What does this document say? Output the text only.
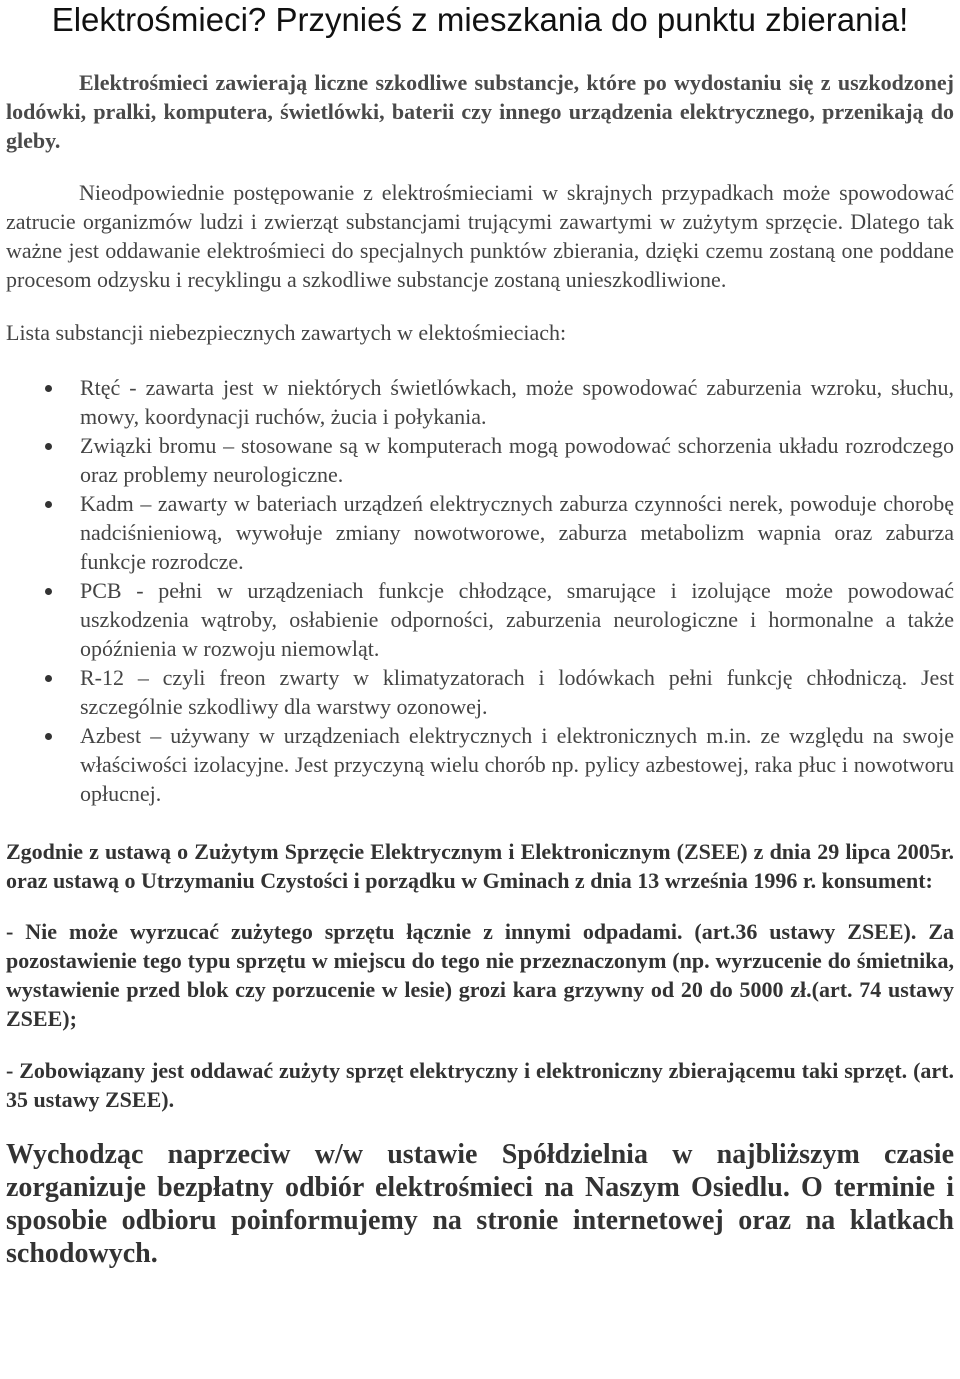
Elektrośmieci? Przynieś z mieszkania do punktu zbierania!

Elektrośmieci zawierają liczne szkodliwe substancje, które po wydostaniu się z uszkodzonej lodówki, pralki, komputera, świetlówki, baterii czy innego urządzenia elektrycznego, przenikają do gleby.

Nieodpowiednie postępowanie z elektrośmieciami w skrajnych przypadkach może spowodować zatrucie organizmów ludzi i zwierząt substancjami trującymi zawartymi w zużytym sprzęcie. Dlatego tak ważne jest oddawanie elektrośmieci do specjalnych punktów zbierania, dzięki czemu zostaną one poddane procesom odzysku i recyklingu a szkodliwe substancje zostaną unieszkodliwione.

Lista substancji niebezpiecznych zawartych w elektośmieciach:

Rtęć - zawarta jest w niektórych świetlówkach, może spowodować zaburzenia wzroku, słuchu, mowy, koordynacji ruchów, żucia i połykania.
Związki bromu – stosowane są w komputerach mogą powodować schorzenia układu rozrodczego oraz problemy neurologiczne.
Kadm – zawarty w bateriach urządzeń elektrycznych zaburza czynności nerek, powoduje chorobę nadciśnieniową, wywołuje zmiany nowotworowe, zaburza metabolizm wapnia oraz zaburza funkcje rozrodcze.
PCB - pełni w urządzeniach funkcje chłodzące, smarujące i izolujące może powodować uszkodzenia wątroby, osłabienie odporności, zaburzenia neurologiczne i hormonalne a także opóźnienia w rozwoju niemowląt.
R-12 – czyli freon zwarty w klimatyzatorach i lodówkach pełni funkcję chłodniczą. Jest szczególnie szkodliwy dla warstwy ozonowej.
Azbest – używany w urządzeniach elektrycznych i elektronicznych m.in. ze względu na swoje właściwości izolacyjne. Jest przyczyną wielu chorób np. pylicy azbestowej, raka płuc i nowotworu opłucnej.

Zgodnie z ustawą o Zużytym Sprzęcie Elektrycznym i Elektronicznym (ZSEE) z dnia 29 lipca 2005r. oraz ustawą o Utrzymaniu Czystości i porządku w Gminach z dnia 13 września 1996 r. konsument:

- Nie może wyrzucać zużytego sprzętu łącznie z innymi odpadami. (art.36 ustawy ZSEE). Za pozostawienie tego typu sprzętu w miejscu do tego nie przeznaczonym (np. wyrzucenie do śmietnika, wystawienie przed blok czy porzucenie w lesie) grozi kara grzywny od 20 do 5000 zł.(art. 74 ustawy ZSEE);

- Zobowiązany jest oddawać zużyty sprzęt elektryczny i elektroniczny zbierającemu taki sprzęt. (art. 35 ustawy ZSEE).

Wychodząc naprzeciw w/w ustawie Spółdzielnia w najbliższym czasie zorganizuje bezpłatny odbiór elektrośmieci na Naszym Osiedlu. O terminie i sposobie odbioru poinformujemy na stronie internetowej oraz na klatkach schodowych.
